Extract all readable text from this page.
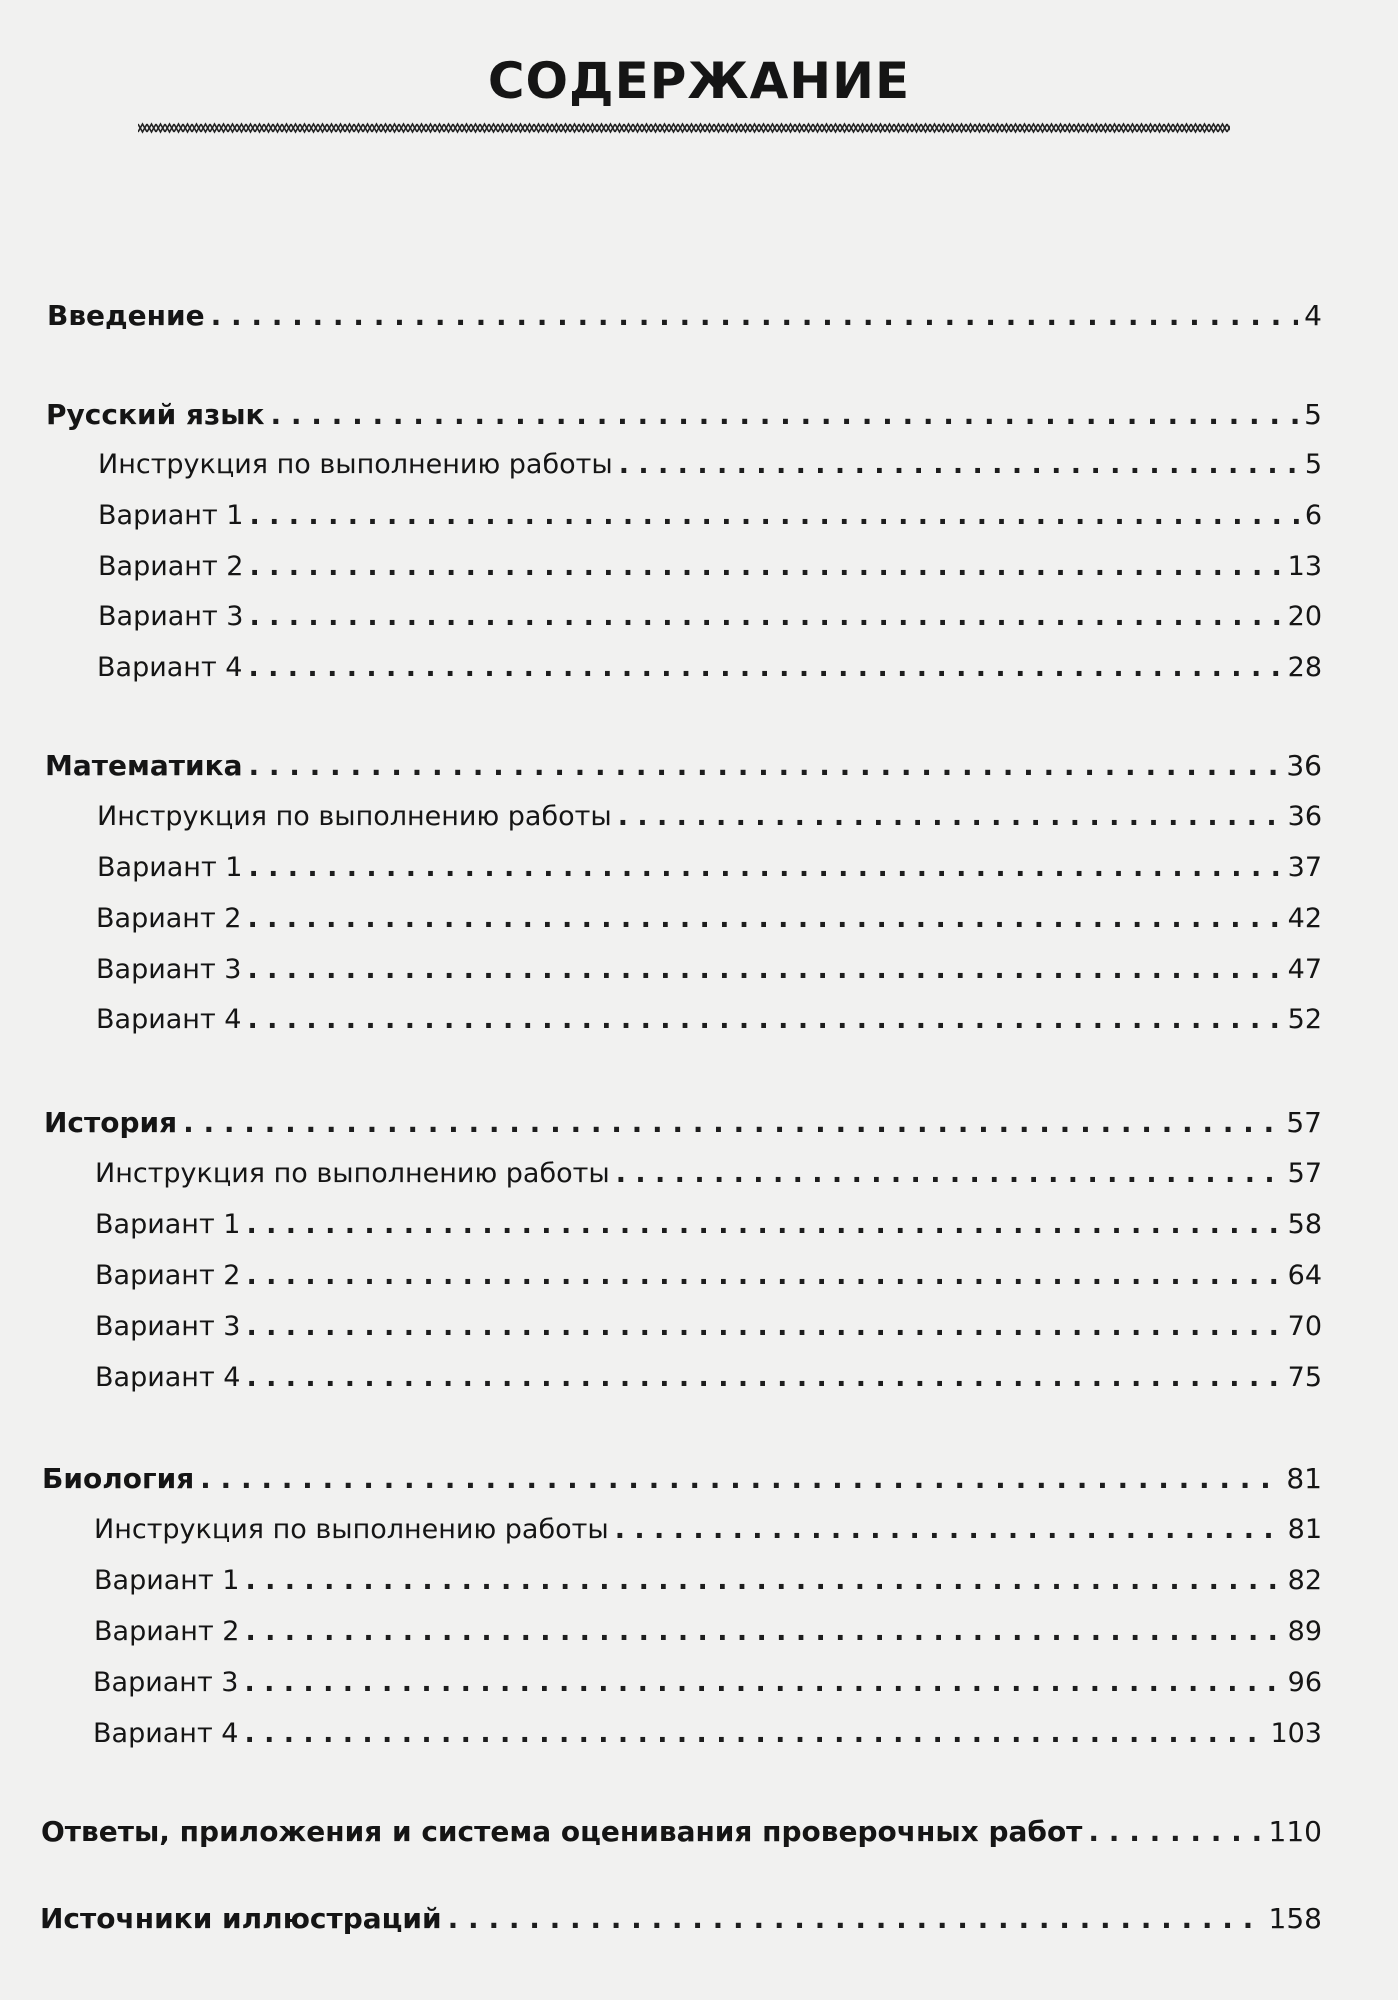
СОДЕРЖАНИЕ
Введение . . .	4
Русский язык . . .	5
Инструкция по выполнению работы . . .	5
Вариант 1 . . .	6
Вариант 2 . . .	13
Вариант 3 . . .	20
Вариант 4 . . .	28
Математика . . .	36
Инструкция по выполнению работы . . .	36
Вариант 1 . . .	37
Вариант 2 . . .	42
Вариант 3 . . .	47
Вариант 4 . . .	52
История . . .	57
Инструкция по выполнению работы . . .	57
Вариант 1 . . .	58
Вариант 2 . . .	64
Вариант 3 . . .	70
Вариант 4 . . .	75
Биология . . .	81
Инструкция по выполнению работы . . .	81
Вариант 1 . . .	82
Вариант 2 . . .	89
Вариант 3 . . .	96
Вариант 4 . . .	103
Ответы, приложения и система оценивания проверочных работ . . .	110
Источники иллюстраций . . .	158
